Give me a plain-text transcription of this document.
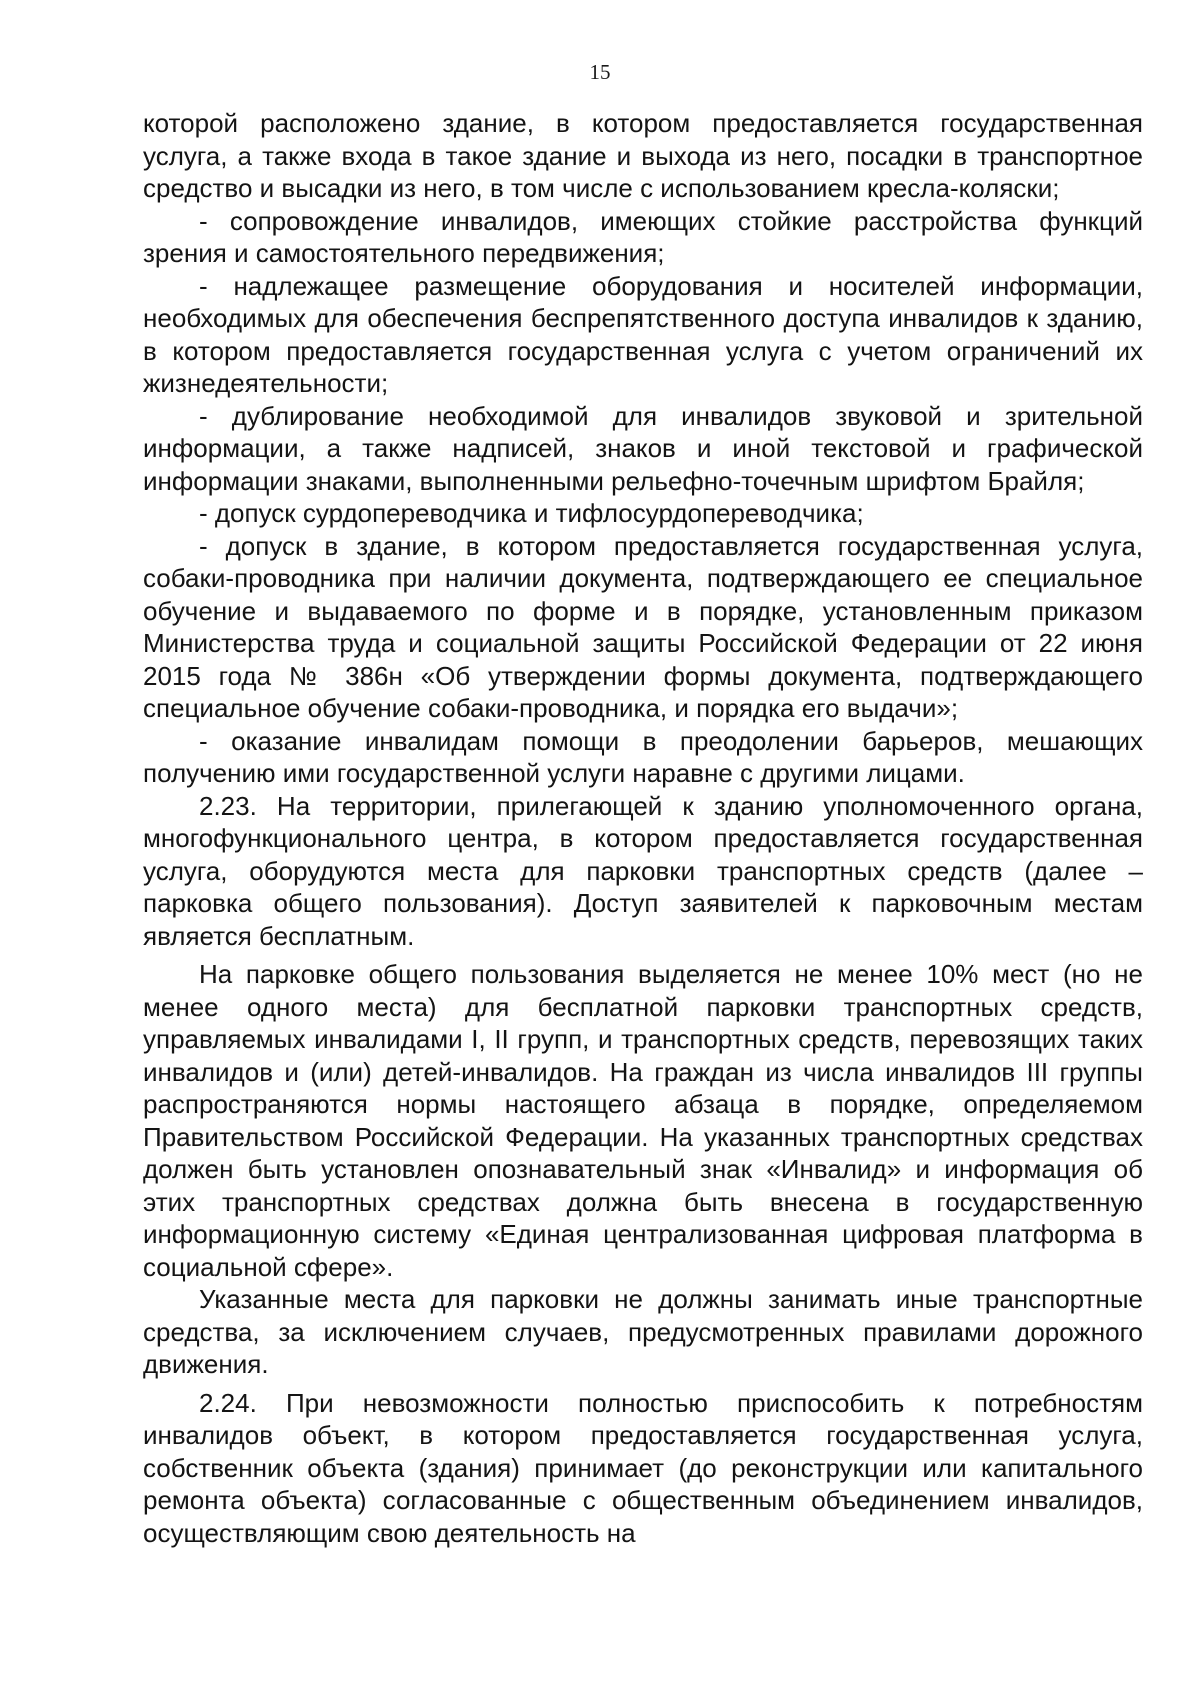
15

которой расположено здание, в котором предоставляется государственная услуга, а также входа в такое здание и выхода из него, посадки в транспортное средство и высадки из него, в том числе с использованием кресла-коляски;

- сопровождение инвалидов, имеющих стойкие расстройства функций зрения и самостоятельного передвижения;

- надлежащее размещение оборудования и носителей информации, необходимых для обеспечения беспрепятственного доступа инвалидов к зданию, в котором предоставляется государственная услуга с учетом ограничений их жизнедеятельности;

- дублирование необходимой для инвалидов звуковой и зрительной информации, а также надписей, знаков и иной текстовой и графической информации знаками, выполненными рельефно-точечным шрифтом Брайля;

- допуск сурдопереводчика и тифлосурдопереводчика;

- допуск в здание, в котором предоставляется государственная услуга, собаки-проводника при наличии документа, подтверждающего ее специальное обучение и выдаваемого по форме и в порядке, установленным приказом Министерства труда и социальной защиты Российской Федерации от 22 июня 2015 года № 386н «Об утверждении формы документа, подтверждающего специальное обучение собаки-проводника, и порядка его выдачи»;

- оказание инвалидам помощи в преодолении барьеров, мешающих получению ими государственной услуги наравне с другими лицами.

2.23. На территории, прилегающей к зданию уполномоченного органа, многофункционального центра, в котором предоставляется государственная услуга, оборудуются места для парковки транспортных средств (далее – парковка общего пользования). Доступ заявителей к парковочным местам является бесплатным.

На парковке общего пользования выделяется не менее 10% мест (но не менее одного места) для бесплатной парковки транспортных средств, управляемых инвалидами I, II групп, и транспортных средств, перевозящих таких инвалидов и (или) детей-инвалидов. На граждан из числа инвалидов III группы распространяются нормы настоящего абзаца в порядке, определяемом Правительством Российской Федерации. На указанных транспортных средствах должен быть установлен опознавательный знак «Инвалид» и информация об этих транспортных средствах должна быть внесена в государственную информационную систему «Единая централизованная цифровая платформа в социальной сфере».

Указанные места для парковки не должны занимать иные транспортные средства, за исключением случаев, предусмотренных правилами дорожного движения.

2.24. При невозможности полностью приспособить к потребностям инвалидов объект, в котором предоставляется государственная услуга, собственник объекта (здания) принимает (до реконструкции или капитального ремонта объекта) согласованные с общественным объединением инвалидов, осуществляющим свою деятельность на
